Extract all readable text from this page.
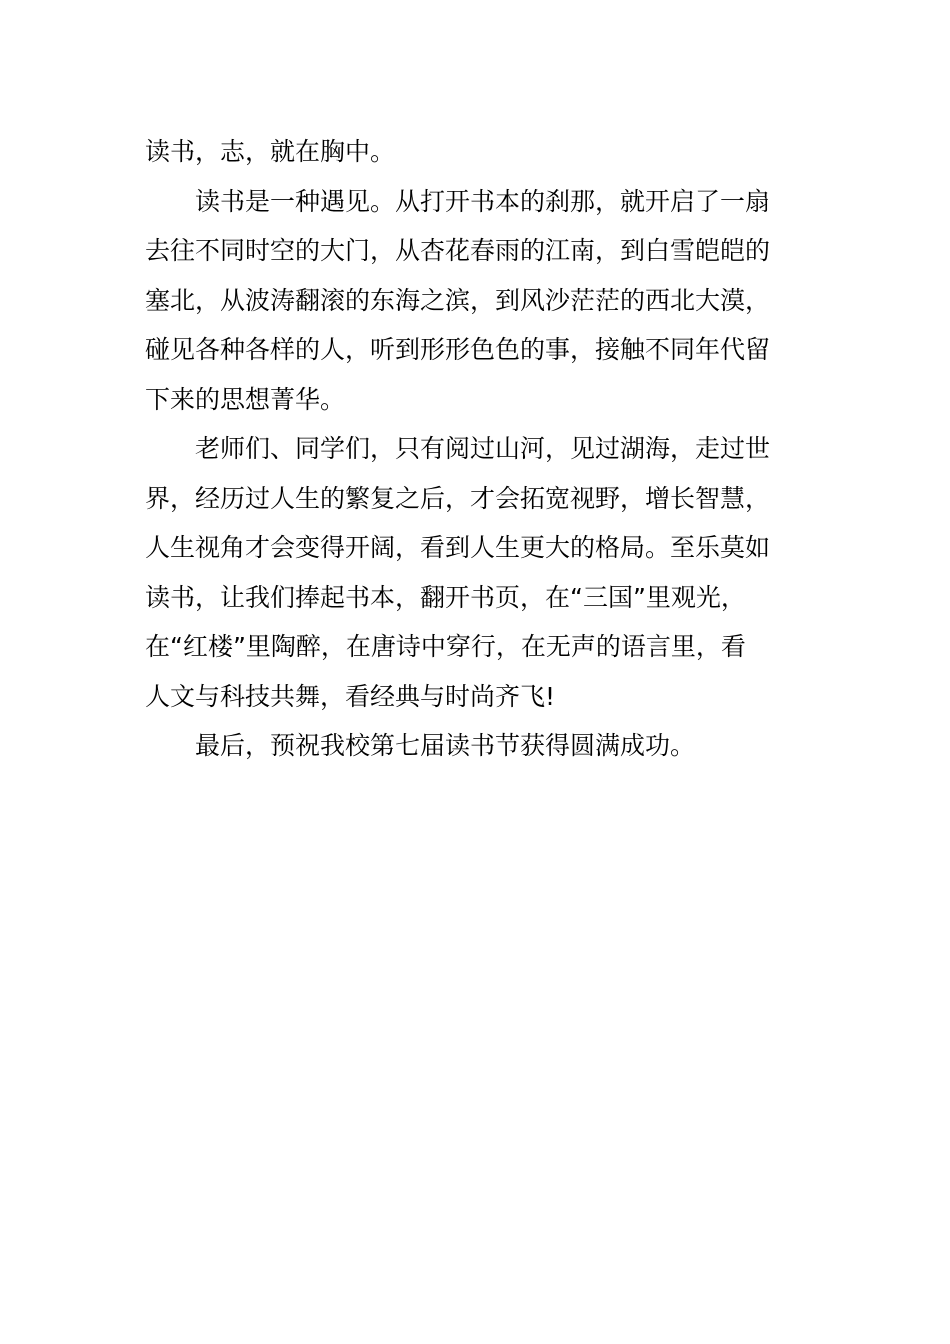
读书，志，就在胸中。
读书是一种遇见。从打开书本的刹那，就开启了一扇
去往不同时空的大门，从杏花春雨的江南，到白雪皑皑的
塞北，从波涛翻滚的东海之滨，到风沙茫茫的西北大漠，
碰见各种各样的人，听到形形色色的事，接触不同年代留
下来的思想菁华。
老师们、同学们，只有阅过山河，见过湖海，走过世
界，经历过人生的繁复之后，才会拓宽视野，增长智慧，
人生视角才会变得开阔，看到人生更大的格局。至乐莫如
读书，让我们捧起书本，翻开书页，在“三国”里观光，
在“红楼”里陶醉，在唐诗中穿行，在无声的语言里，看
人文与科技共舞，看经典与时尚齐飞!
最后，预祝我校第七届读书节获得圆满成功。
